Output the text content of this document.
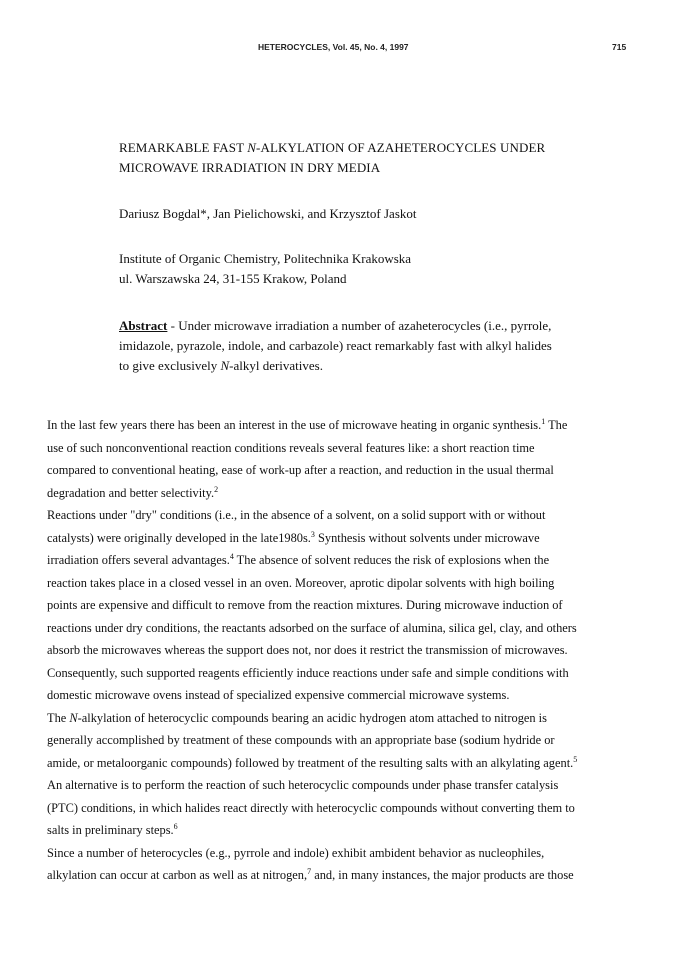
HETEROCYCLES, Vol. 45, No. 4, 1997	715
REMARKABLE FAST N-ALKYLATION OF AZAHETEROCYCLES UNDER
MICROWAVE IRRADIATION IN DRY MEDIA
Dariusz Bogdal*, Jan Pielichowski, and Krzysztof Jaskot
Institute of Organic Chemistry, Politechnika Krakowska
ul. Warszawska 24, 31-155 Krakow, Poland
Abstract - Under microwave irradiation a number of azaheterocycles (i.e., pyrrole,
imidazole, pyrazole, indole, and carbazole) react remarkably fast with alkyl halides
to give exclusively N-alkyl derivatives.
In the last few years there has been an interest in the use of microwave heating in organic synthesis.$^1$ The
use of such nonconventional reaction conditions reveals several features like: a short reaction time
compared to conventional heating, ease of work-up after a reaction, and reduction in the usual thermal
degradation and better selectivity.$^2$
Reactions under "dry" conditions (i.e., in the absence of a solvent, on a solid support with or without
catalysts) were originally developed in the late1980s.$^3$ Synthesis without solvents under microwave
irradiation offers several advantages.$^4$ The absence of solvent reduces the risk of explosions when the
reaction takes place in a closed vessel in an oven. Moreover, aprotic dipolar solvents with high boiling
points are expensive and difficult to remove from the reaction mixtures. During microwave induction of
reactions under dry conditions, the reactants adsorbed on the surface of alumina, silica gel, clay, and others
absorb the microwaves whereas the support does not, nor does it restrict the transmission of microwaves.
Consequently, such supported reagents efficiently induce reactions under safe and simple conditions with
domestic microwave ovens instead of specialized expensive commercial microwave systems.
The N-alkylation of heterocyclic compounds bearing an acidic hydrogen atom attached to nitrogen is
generally accomplished by treatment of these compounds with an appropriate base (sodium hydride or
amide, or metaloorganic compounds) followed by treatment of the resulting salts with an alkylating agent.$^5$
An alternative is to perform the reaction of such heterocyclic compounds under phase transfer catalysis
(PTC) conditions, in which halides react directly with heterocyclic compounds without converting them to
salts in preliminary steps.$^6$
Since a number of heterocycles (e.g., pyrrole and indole) exhibit ambident behavior as nucleophiles,
alkylation can occur at carbon as well as at nitrogen,$^7$ and, in many instances, the major products are those
